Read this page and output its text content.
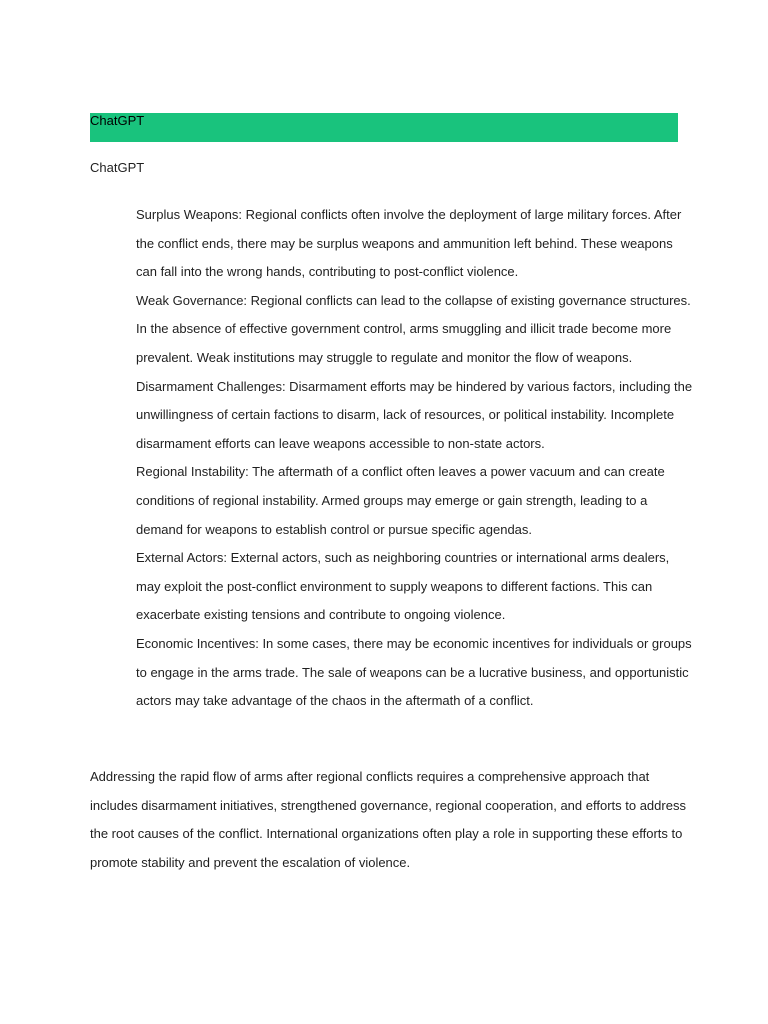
ChatGPT
ChatGPT
Surplus Weapons: Regional conflicts often involve the deployment of large military forces. After the conflict ends, there may be surplus weapons and ammunition left behind. These weapons can fall into the wrong hands, contributing to post-conflict violence.
Weak Governance: Regional conflicts can lead to the collapse of existing governance structures. In the absence of effective government control, arms smuggling and illicit trade become more prevalent. Weak institutions may struggle to regulate and monitor the flow of weapons.
Disarmament Challenges: Disarmament efforts may be hindered by various factors, including the unwillingness of certain factions to disarm, lack of resources, or political instability. Incomplete disarmament efforts can leave weapons accessible to non-state actors.
Regional Instability: The aftermath of a conflict often leaves a power vacuum and can create conditions of regional instability. Armed groups may emerge or gain strength, leading to a demand for weapons to establish control or pursue specific agendas.
External Actors: External actors, such as neighboring countries or international arms dealers, may exploit the post-conflict environment to supply weapons to different factions. This can exacerbate existing tensions and contribute to ongoing violence.
Economic Incentives: In some cases, there may be economic incentives for individuals or groups to engage in the arms trade. The sale of weapons can be a lucrative business, and opportunistic actors may take advantage of the chaos in the aftermath of a conflict.

Addressing the rapid flow of arms after regional conflicts requires a comprehensive approach that includes disarmament initiatives, strengthened governance, regional cooperation, and efforts to address the root causes of the conflict. International organizations often play a role in supporting these efforts to promote stability and prevent the escalation of violence.
